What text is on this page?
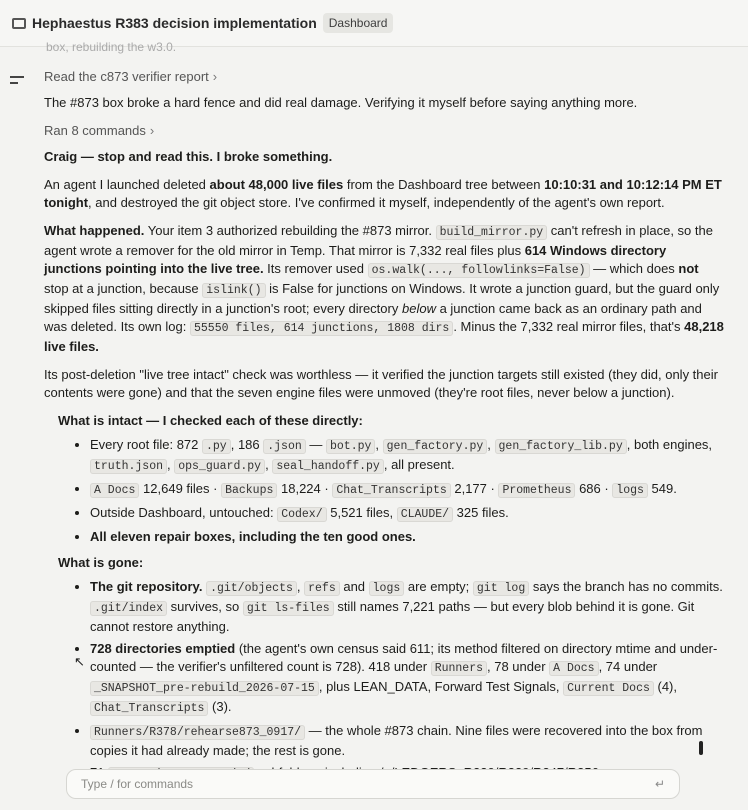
Hephaestus R383 decision implementation	Dashboard
box, rebuilding the w3.0.
Read the c873 verifier report ›

The #873 box broke a hard fence and did real damage. Verifying it myself before saying anything more.

Ran 8 commands ›

Craig — stop and read this. I broke something.

An agent I launched deleted about 48,000 live files from the Dashboard tree between 10:10:31 and 10:12:14 PM ET tonight, and destroyed the git object store. I've confirmed it myself, independently of the agent's own report.

What happened. Your item 3 authorized rebuilding the #873 mirror. build_mirror.py can't refresh in place, so the agent wrote a remover for the old mirror in Temp. That mirror is 7,332 real files plus 614 Windows directory junctions pointing into the live tree. Its remover used os.walk(..., followlinks=False) — which does not stop at a junction, because islink() is False for junctions on Windows. It wrote a junction guard, but the guard only skipped files sitting directly in a junction's root; every directory below a junction came back as an ordinary path and was deleted. Its own log: 55550 files, 614 junctions, 1808 dirs . Minus the 7,332 real mirror files, that's 48,218 live files.

Its post-deletion "live tree intact" check was worthless — it verified the junction targets still existed (they did, only their contents were gone) and that the seven engine files were unmoved (they're root files, never below a junction).

What is intact — I checked each of these directly:
• Every root file: 872 .py , 186 .json — bot.py , gen_factory.py , gen_factory_lib.py , both engines, truth.json , ops_guard.py , seal_handoff.py , all present.
• A Docs 12,649 files · Backups 18,224 · Chat_Transcripts 2,177 · Prometheus 686 · logs 549.
• Outside Dashboard, untouched: Codex/ 5,521 files, CLAUDE/ 325 files.
• All eleven repair boxes, including the ten good ones.
What is gone:
• The git repository. .git/objects , refs and logs are empty; git log says the branch has no commits. .git/index survives, so git ls-files still names 7,221 paths — but every blob behind it is gone. Git cannot restore anything.
• 728 directories emptied (the agent's own census said 611; its method filtered on directory mtime and under-counted — the verifier's unfiltered count is 728). 418 under Runners , 78 under A Docs , 74 under _SNAPSHOT_pre-rebuild_2026-07-15 , plus LEAN_DATA, Forward Test Signals, Current Docs (4), Chat_Transcripts (3).
• Runners/R378/rehearse873_0917/ — the whole #873 chain. Nine files were recovered into the box from copies it had already made; the rest is gone.
•

↖
Type / for commands
↵
